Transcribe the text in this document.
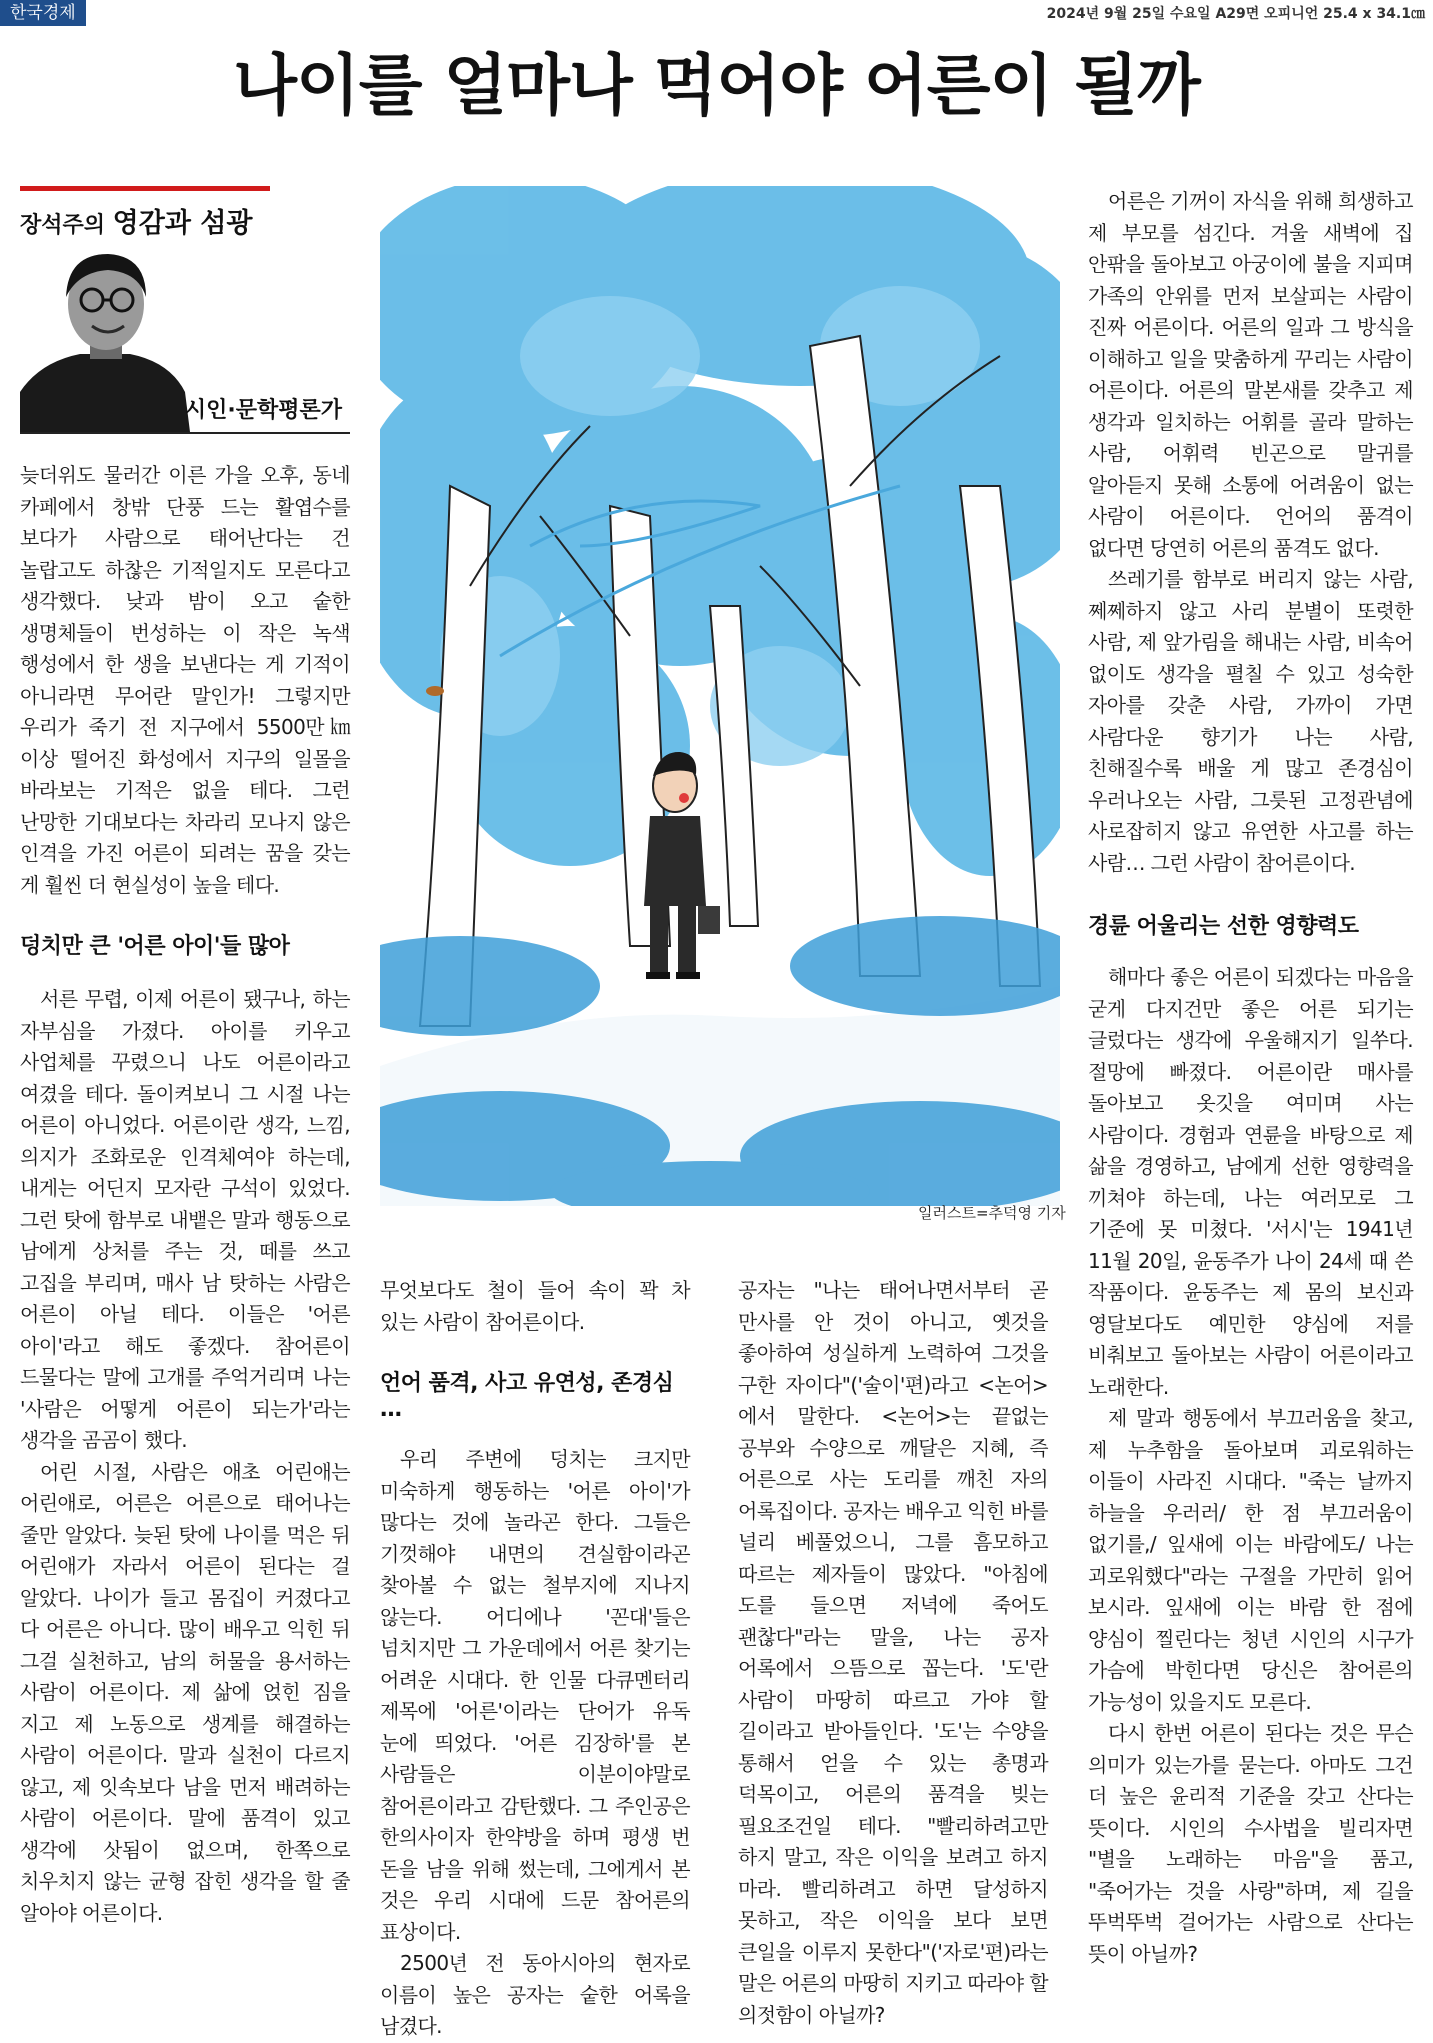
한국경제	2024년 9월 25일 수요일 A29면 오피니언 25.4 x 34.1㎝
나이를 얼마나 먹어야 어른이 될까
장석주의 영감과 섬광
시인·문학평론가

늦더위도 물러간 이른 가을 오후, 동네 카페에서 창밖 단풍 드는 활엽수를 보다가 사람으로 태어난다는 건 놀랍고도 하찮은 기적일지도 모른다고 생각했다. 낮과 밤이 오고 숱한 생명체들이 번성하는 이 작은 녹색 행성에서 한 생을 보낸다는 게 기적이 아니라면 무어란 말인가! 그렇지만 우리가 죽기 전 지구에서 5500만㎞ 이상 떨어진 화성에서 지구의 일몰을 바라보는 기적은 없을 테다. 그런 난망한 기대보다는 차라리 모나지 않은 인격을 가진 어른이 되려는 꿈을 갖는 게 훨씬 더 현실성이 높을 테다.

덩치만 큰 '어른 아이'들 많아

서른 무렵, 이제 어른이 됐구나, 하는 자부심을 가졌다. 아이를 키우고 사업체를 꾸렸으니 나도 어른이라고 여겼을 테다. 돌이켜보니 그 시절 나는 어른이 아니었다. 어른이란 생각, 느낌, 의지가 조화로운 인격체여야 하는데, 내게는 어딘지 모자란 구석이 있었다. 그런 탓에 함부로 내뱉은 말과 행동으로 남에게 상처를 주는 것, 떼를 쓰고 고집을 부리며, 매사 남 탓하는 사람은 어른이 아닐 테다. 이들은 '어른 아이'라고 해도 좋겠다. 참어른이 드물다는 말에 고개를 주억거리며 나는 '사람은 어떻게 어른이 되는가'라는 생각을 곰곰이 했다.

어린 시절, 사람은 애초 어린애는 어린애로, 어른은 어른으로 태어나는 줄만 알았다. 늦된 탓에 나이를 먹은 뒤 어린애가 자라서 어른이 된다는 걸 알았다. 나이가 들고 몸집이 커졌다고 다 어른은 아니다. 많이 배우고 익힌 뒤 그걸 실천하고, 남의 허물을 용서하는 사람이 어른이다. 제 삶에 얹힌 짐을 지고 제 노동으로 생계를 해결하는 사람이 어른이다. 말과 실천이 다르지 않고, 제 잇속보다 남을 먼저 배려하는 사람이 어른이다. 말에 품격이 있고 생각에 삿됨이 없으며, 한쪽으로 치우치지 않는 균형 잡힌 생각을 할 줄 알아야 어른이다.

일러스트=추덕영 기자

무엇보다도 철이 들어 속이 꽉 차 있는 사람이 참어른이다.

언어 품격, 사고 유연성, 존경심 …

우리 주변에 덩치는 크지만 미숙하게 행동하는 '어른 아이'가 많다는 것에 놀라곤 한다. 그들은 기껏해야 내면의 견실함이라곤 찾아볼 수 없는 철부지에 지나지 않는다. 어디에나 '꼰대'들은 넘치지만 그 가운데에서 어른 찾기는 어려운 시대다. 한 인물 다큐멘터리 제목에 '어른'이라는 단어가 유독 눈에 띄었다. '어른 김장하'를 본 사람들은 이분이야말로 참어른이라고 감탄했다. 그 주인공은 한의사이자 한약방을 하며 평생 번 돈을 남을 위해 썼는데, 그에게서 본 것은 우리 시대에 드문 참어른의 표상이다.

2500년 전 동아시아의 현자로 이름이 높은 공자는 숱한 어록을 남겼다.

공자는 "나는 태어나면서부터 곧 만사를 안 것이 아니고, 옛것을 좋아하여 성실하게 노력하여 그것을 구한 자이다"('술이'편)라고 <논어>에서 말한다. <논어>는 끝없는 공부와 수양으로 깨달은 지혜, 즉 어른으로 사는 도리를 깨친 자의 어록집이다. 공자는 배우고 익힌 바를 널리 베풀었으니, 그를 흠모하고 따르는 제자들이 많았다. "아침에 도를 들으면 저녁에 죽어도 괜찮다"라는 말을, 나는 공자 어록에서 으뜸으로 꼽는다. '도'란 사람이 마땅히 따르고 가야 할 길이라고 받아들인다. '도'는 수양을 통해서 얻을 수 있는 총명과 덕목이고, 어른의 품격을 빚는 필요조건일 테다. "빨리하려고만 하지 말고, 작은 이익을 보려고 하지 마라. 빨리하려고 하면 달성하지 못하고, 작은 이익을 보다 보면 큰일을 이루지 못한다"('자로'편)라는 말은 어른의 마땅히 지키고 따라야 할 의젓함이 아닐까?

어른은 기꺼이 자식을 위해 희생하고 제 부모를 섬긴다. 겨울 새벽에 집 안팎을 돌아보고 아궁이에 불을 지피며 가족의 안위를 먼저 보살피는 사람이 진짜 어른이다. 어른의 일과 그 방식을 이해하고 일을 맞춤하게 꾸리는 사람이 어른이다. 어른의 말본새를 갖추고 제 생각과 일치하는 어휘를 골라 말하는 사람, 어휘력 빈곤으로 말귀를 알아듣지 못해 소통에 어려움이 없는 사람이 어른이다. 언어의 품격이 없다면 당연히 어른의 품격도 없다.

쓰레기를 함부로 버리지 않는 사람, 쩨쩨하지 않고 사리 분별이 또렷한 사람, 제 앞가림을 해내는 사람, 비속어 없이도 생각을 펼칠 수 있고 성숙한 자아를 갖춘 사람, 가까이 가면 사람다운 향기가 나는 사람, 친해질수록 배울 게 많고 존경심이 우러나오는 사람, 그릇된 고정관념에 사로잡히지 않고 유연한 사고를 하는 사람… 그런 사람이 참어른이다.

경륜 어울리는 선한 영향력도

해마다 좋은 어른이 되겠다는 마음을 굳게 다지건만 좋은 어른 되기는 글렀다는 생각에 우울해지기 일쑤다. 절망에 빠졌다. 어른이란 매사를 돌아보고 옷깃을 여미며 사는 사람이다. 경험과 연륜을 바탕으로 제 삶을 경영하고, 남에게 선한 영향력을 끼쳐야 하는데, 나는 여러모로 그 기준에 못 미쳤다. '서시'는 1941년 11월 20일, 윤동주가 나이 24세 때 쓴 작품이다. 윤동주는 제 몸의 보신과 영달보다도 예민한 양심에 저를 비춰보고 돌아보는 사람이 어른이라고 노래한다.

제 말과 행동에서 부끄러움을 찾고, 제 누추함을 돌아보며 괴로워하는 이들이 사라진 시대다. "죽는 날까지 하늘을 우러러/ 한 점 부끄러움이 없기를,/ 잎새에 이는 바람에도/ 나는 괴로워했다"라는 구절을 가만히 읽어 보시라. 잎새에 이는 바람 한 점에 양심이 찔린다는 청년 시인의 시구가 가슴에 박힌다면 당신은 참어른의 가능성이 있을지도 모른다.

다시 한번 어른이 된다는 것은 무슨 의미가 있는가를 묻는다. 아마도 그건 더 높은 윤리적 기준을 갖고 산다는 뜻이다. 시인의 수사법을 빌리자면 "별을 노래하는 마음"을 품고, "죽어가는 것을 사랑"하며, 제 길을 뚜벅뚜벅 걸어가는 사람으로 산다는 뜻이 아닐까?
